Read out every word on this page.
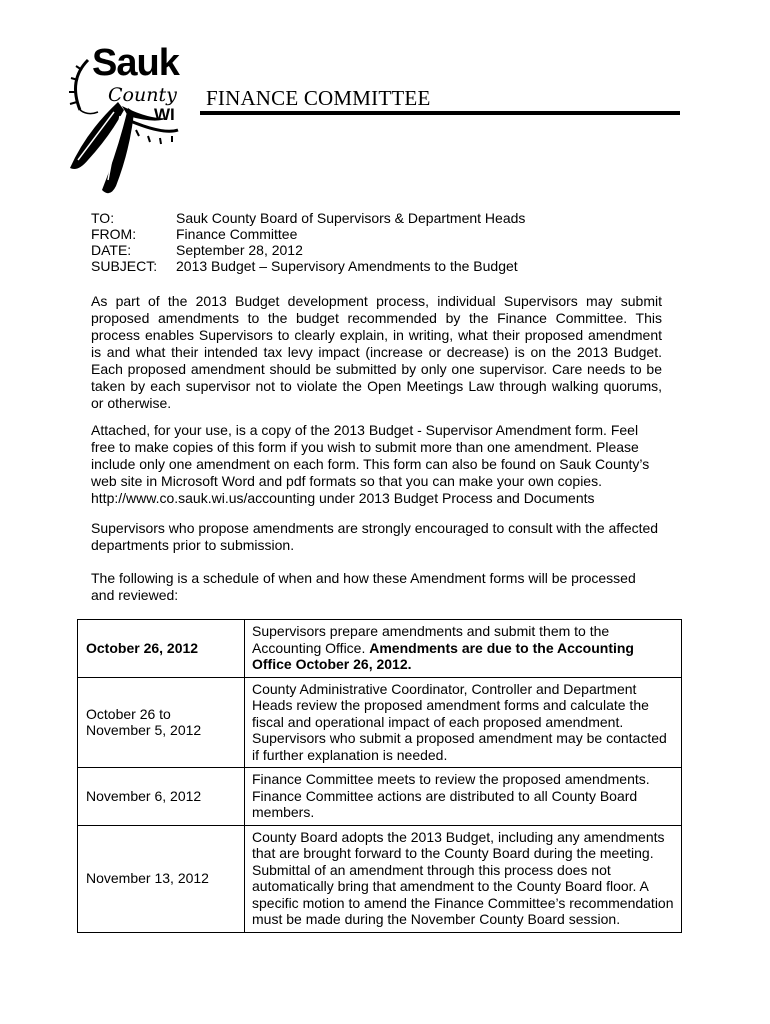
Sauk
County
WI
FINANCE COMMITTEE
TO:	Sauk County Board of Supervisors & Department Heads
FROM:	Finance Committee
DATE:	September 28, 2012
SUBJECT:	2013 Budget – Supervisory Amendments to the Budget
As part of the 2013 Budget development process, individual Supervisors may submit proposed amendments to the budget recommended by the Finance Committee. This process enables Supervisors to clearly explain, in writing, what their proposed amendment is and what their intended tax levy impact (increase or decrease) is on the 2013 Budget. Each proposed amendment should be submitted by only one supervisor. Care needs to be taken by each supervisor not to violate the Open Meetings Law through walking quorums, or otherwise.
Attached, for your use, is a copy of the 2013 Budget - Supervisor Amendment form. Feel
free to make copies of this form if you wish to submit more than one amendment. Please
include only one amendment on each form. This form can also be found on Sauk County’s
web site in Microsoft Word and pdf formats so that you can make your own copies.
http://www.co.sauk.wi.us/accounting under 2013 Budget Process and Documents
Supervisors who propose amendments are strongly encouraged to consult with the affected departments prior to submission.
The following is a schedule of when and how these Amendment forms will be processed and reviewed:
October 26, 2012	Supervisors prepare amendments and submit them to the Accounting Office. Amendments are due to the Accounting Office October 26, 2012.

October 26 to
November 5, 2012	County Administrative Coordinator, Controller and Department Heads review the proposed amendment forms and calculate the fiscal and operational impact of each proposed amendment. Supervisors who submit a proposed amendment may be contacted if further explanation is needed.
November 6, 2012	Finance Committee meets to review the proposed amendments. Finance Committee actions are distributed to all County Board members.
November 13, 2012	County Board adopts the 2013 Budget, including any amendments that are brought forward to the County Board during the meeting. Submittal of an amendment through this process does not automatically bring that amendment to the County Board floor. A specific motion to amend the Finance Committee’s recommendation must be made during the November County Board session.
